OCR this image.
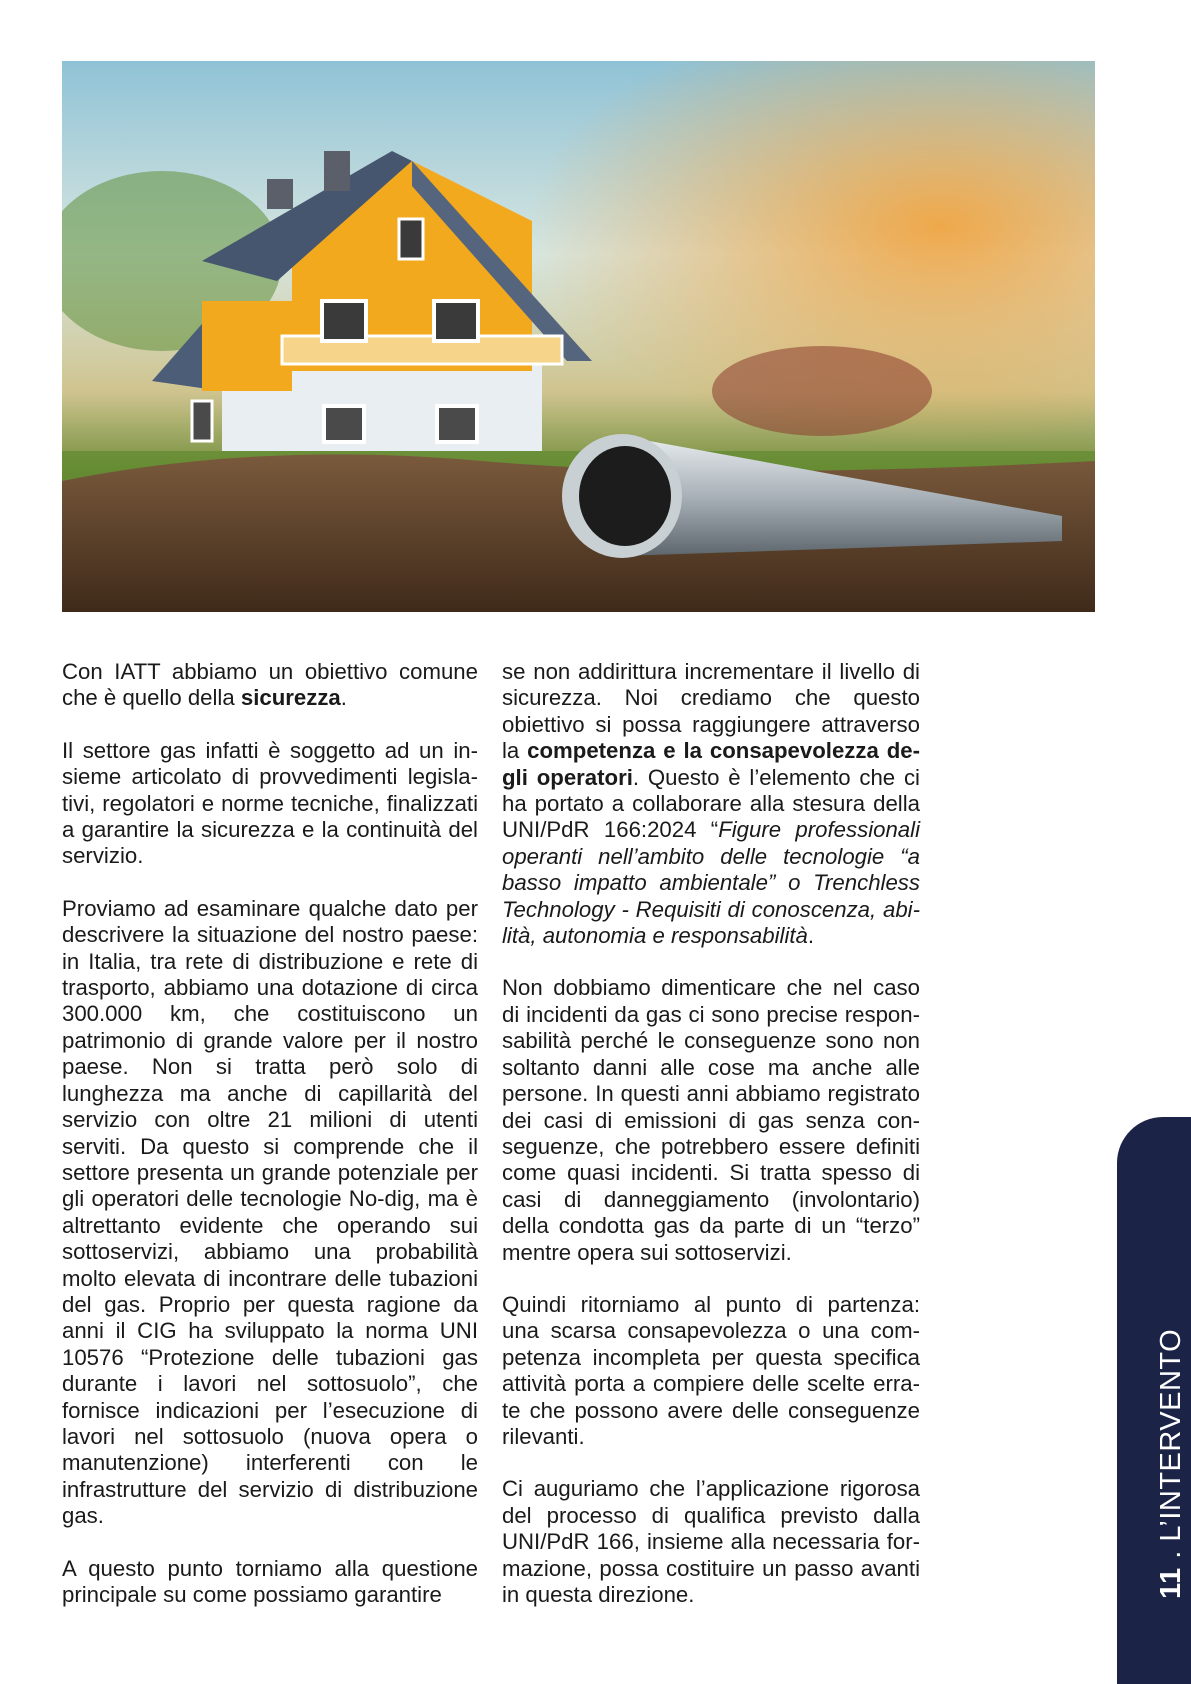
Con IATT abbiamo un obiettivo comune che è quello della sicurezza.

Il settore gas infatti è soggetto ad un insieme articolato di provvedimenti legislativi, regolatori e norme tecniche, finalizzati a garantire la sicurezza e la continuità del servizio.

Proviamo ad esaminare qualche dato per descrivere la situazione del nostro paese: in Italia, tra rete di distribuzione e rete di trasporto, abbiamo una dotazione di circa 300.000 km, che costituiscono un patrimonio di grande valore per il nostro paese. Non si tratta però solo di lunghezza ma anche di capillarità del servizio con oltre 21 milioni di utenti serviti. Da questo si comprende che il settore presenta un grande potenziale per gli operatori delle tecnologie No-dig, ma è altrettanto evidente che operando sui sottoservizi, abbiamo una probabilità molto elevata di incontrare delle tubazioni del gas. Proprio per questa ragione da anni il CIG ha sviluppato la norma UNI 10576 “Protezione delle tubazioni gas durante i lavori nel sottosuolo”, che fornisce indicazioni per l’esecuzione di lavori nel sottosuolo (nuova opera o manutenzione) interferenti con le infrastrutture del servizio di distribuzione gas.

A questo punto torniamo alla questione principale su come possiamo garantire

se non addirittura incrementare il livello di sicurezza. Noi crediamo che questo obiettivo si possa raggiungere attraverso la competenza e la consapevolezza degli operatori. Questo è l’elemento che ci ha portato a collaborare alla stesura della UNI/PdR 166:2024 “Figure professionali operanti nell’ambito delle tecnologie “a basso impatto ambientale” o Trenchless Technology - Requisiti di conoscenza, abilità, autonomia e responsabilità.

Non dobbiamo dimenticare che nel caso di incidenti da gas ci sono precise responsabilità perché le conseguenze sono non soltanto danni alle cose ma anche alle persone. In questi anni abbiamo registrato dei casi di emissioni di gas senza conseguenze, che potrebbero essere definiti come quasi incidenti. Si tratta spesso di casi di danneggiamento (involontario) della condotta gas da parte di un “terzo” mentre opera sui sottoservizi.

Quindi ritorniamo al punto di partenza: una scarsa consapevolezza o una competenza incompleta per questa specifica attività porta a compiere delle scelte errate che possono avere delle conseguenze rilevanti.

Ci auguriamo che l’applicazione rigorosa del processo di qualifica previsto dalla UNI/PdR 166, insieme alla necessaria formazione, possa costituire un passo avanti in questa direzione.	11 . L’INTERVENTO
